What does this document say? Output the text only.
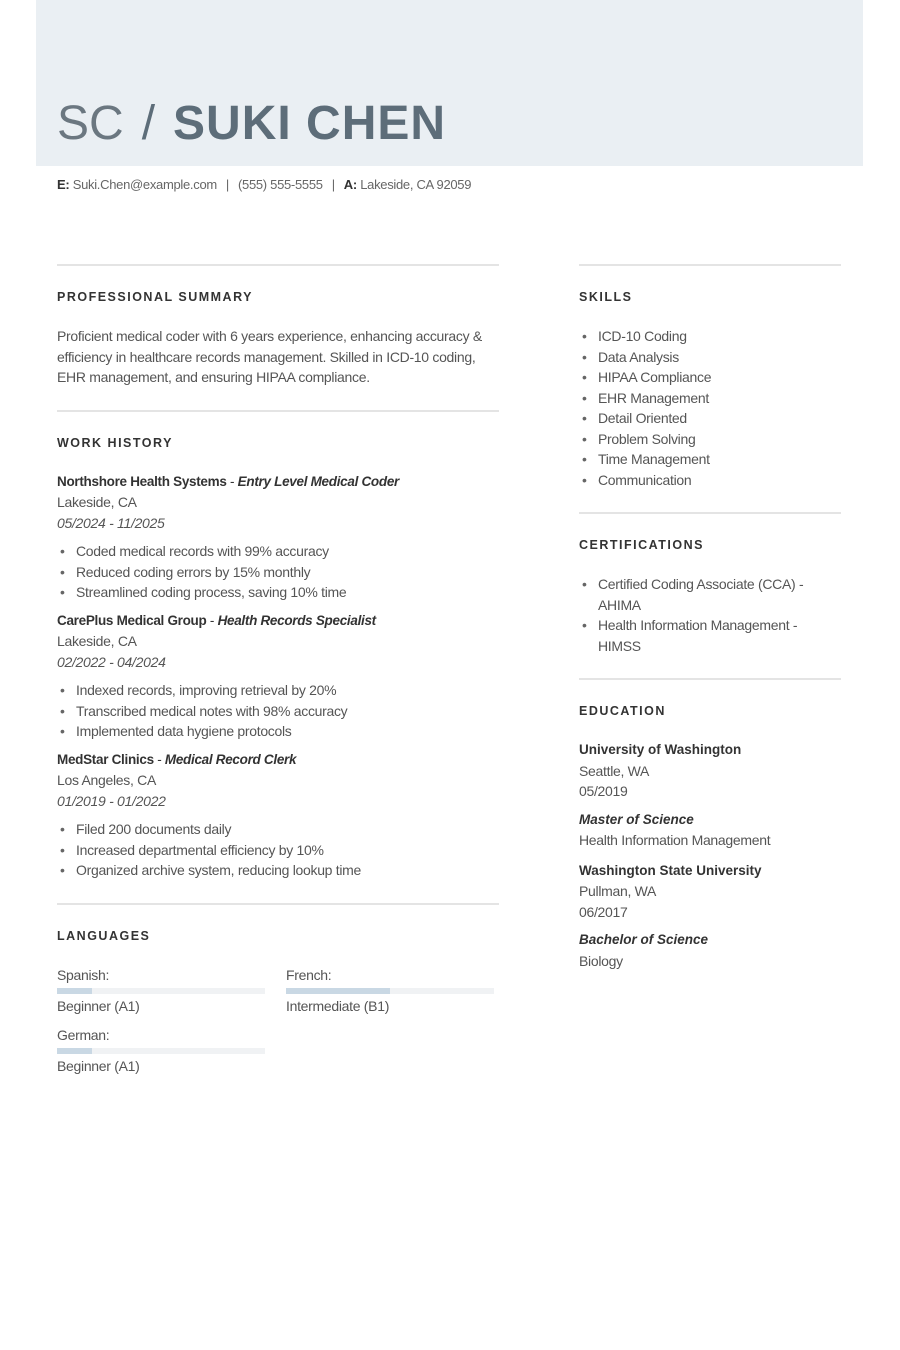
SC / SUKI CHEN
E: Suki.Chen@example.com | (555) 555-5555 | A: Lakeside, CA 92059
PROFESSIONAL SUMMARY

Proficient medical coder with 6 years experience, enhancing accuracy & efficiency in healthcare records management. Skilled in ICD-10 coding, EHR management, and ensuring HIPAA compliance.

WORK HISTORY
Northshore Health Systems - Entry Level Medical Coder
Lakeside, CA
05/2024 - 11/2025
• Coded medical records with 99% accuracy
• Reduced coding errors by 15% monthly
• Streamlined coding process, saving 10% time
CarePlus Medical Group - Health Records Specialist
Lakeside, CA
02/2022 - 04/2024
• Indexed records, improving retrieval by 20%
• Transcribed medical notes with 98% accuracy
• Implemented data hygiene protocols
MedStar Clinics - Medical Record Clerk
Los Angeles, CA
01/2019 - 01/2022
• Filed 200 documents daily
• Increased departmental efficiency by 10%
• Organized archive system, reducing lookup time
LANGUAGES
Spanish:
Beginner (A1)
French:
Intermediate (B1)
German:
Beginner (A1)
SKILLS
• ICD-10 Coding
• Data Analysis
• HIPAA Compliance
• EHR Management
• Detail Oriented
• Problem Solving
• Time Management
• Communication
CERTIFICATIONS
• Certified Coding Associate (CCA) - AHIMA
• Health Information Management - HIMSS
EDUCATION
University of Washington
Seattle, WA
05/2019
Master of Science
Health Information Management
Washington State University
Pullman, WA
06/2017
Bachelor of Science
Biology
